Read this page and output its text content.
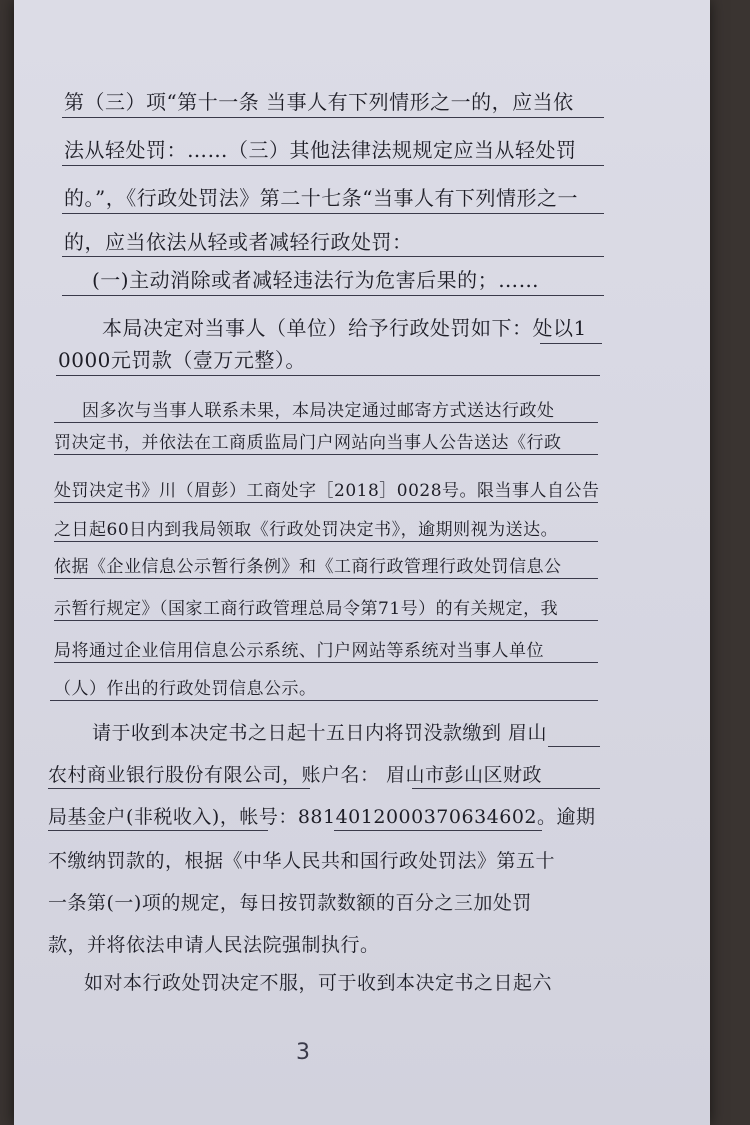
第（三）项“第十一条 当事人有下列情形之一的，应当依
法从轻处罚：……（三）其他法律法规规定应当从轻处罚
的。”，《行政处罚法》第二十七条“当事人有下列情形之一
的，应当依法从轻或者减轻行政处罚：
(一)主动消除或者减轻违法行为危害后果的；……
本局决定对当事人（单位）给予行政处罚如下：处以1
0000元罚款（壹万元整）。
因多次与当事人联系未果，本局决定通过邮寄方式送达行政处
罚决定书，并依法在工商质监局门户网站向当事人公告送达《行政
处罚决定书》川（眉彭）工商处字［2018］0028号。限当事人自公告
之日起60日内到我局领取《行政处罚决定书》，逾期则视为送达。
依据《企业信息公示暂行条例》和《工商行政管理行政处罚信息公
示暂行规定》（国家工商行政管理总局令第71号）的有关规定，我
局将通过企业信用信息公示系统、门户网站等系统对当事人单位
（人）作出的行政处罚信息公示。
请于收到本决定书之日起十五日内将罚没款缴到 眉山
农村商业银行股份有限公司，账户名： 眉山市彭山区财政
局基金户(非税收入)，帐号：8814012000370634602。逾期
不缴纳罚款的，根据《中华人民共和国行政处罚法》第五十
一条第(一)项的规定，每日按罚款数额的百分之三加处罚
款，并将依法申请人民法院强制执行。
如对本行政处罚决定不服，可于收到本决定书之日起六
3
